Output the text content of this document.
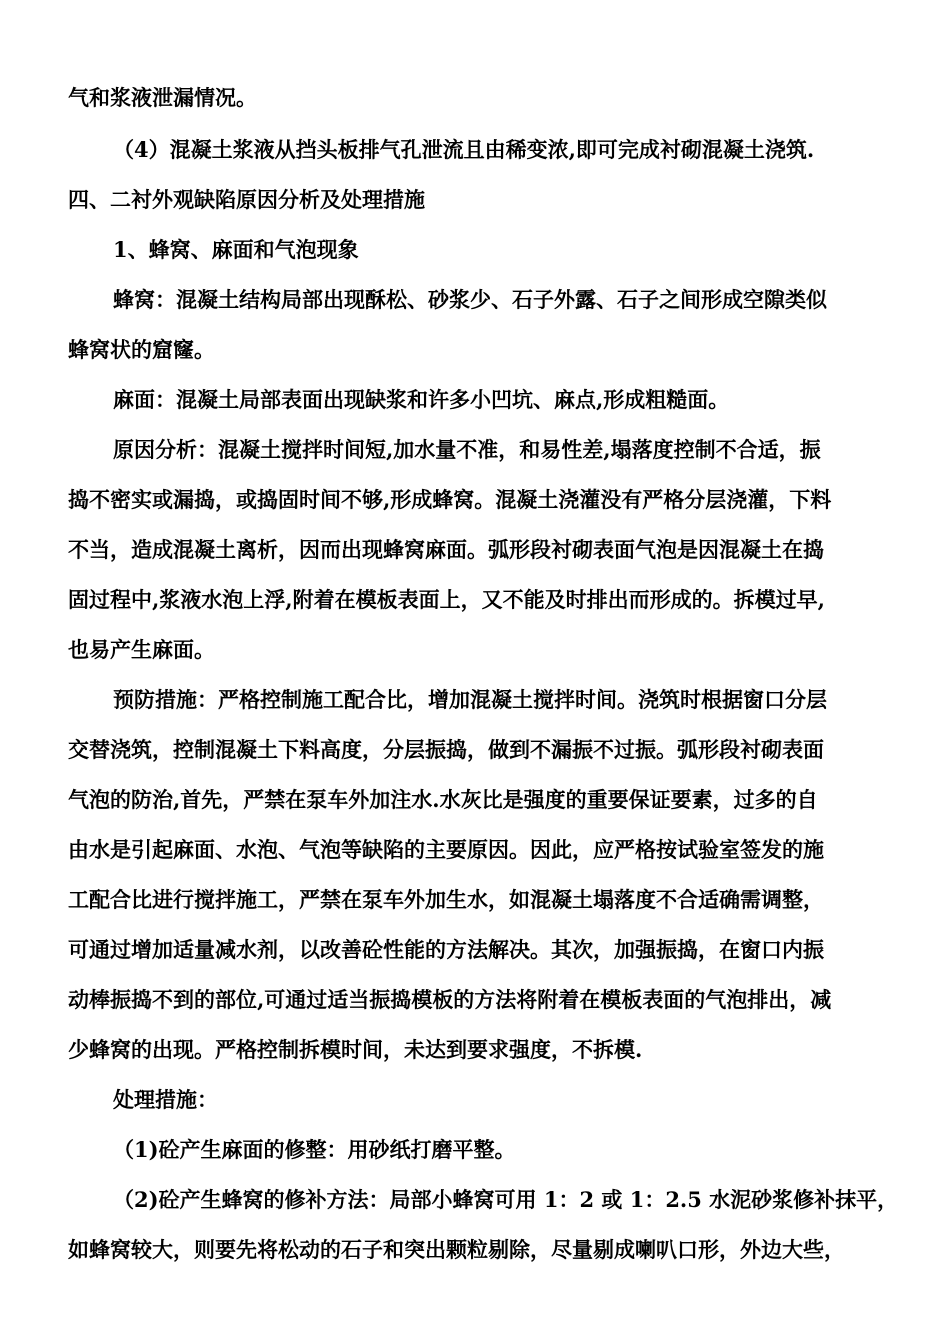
气和浆液泄漏情况。
（4）混凝土浆液从挡头板排气孔泄流且由稀变浓,即可完成衬砌混凝土浇筑.
四、二衬外观缺陷原因分析及处理措施
1、蜂窝、麻面和气泡现象
蜂窝：混凝土结构局部出现酥松、砂浆少、石子外露、石子之间形成空隙类似
蜂窝状的窟窿。
麻面：混凝土局部表面出现缺浆和许多小凹坑、麻点,形成粗糙面。
原因分析：混凝土搅拌时间短,加水量不准，和易性差,塌落度控制不合适，振
捣不密实或漏捣，或捣固时间不够,形成蜂窝。混凝土浇灌没有严格分层浇灌，下料
不当，造成混凝土离析，因而出现蜂窝麻面。弧形段衬砌表面气泡是因混凝土在捣
固过程中,浆液水泡上浮,附着在模板表面上，又不能及时排出而形成的。拆模过早,
也易产生麻面。
预防措施：严格控制施工配合比，增加混凝土搅拌时间。浇筑时根据窗口分层
交替浇筑，控制混凝土下料高度，分层振捣，做到不漏振不过振。弧形段衬砌表面
气泡的防治,首先，严禁在泵车外加注水.水灰比是强度的重要保证要素，过多的自
由水是引起麻面、水泡、气泡等缺陷的主要原因。因此，应严格按试验室签发的施
工配合比进行搅拌施工，严禁在泵车外加生水，如混凝土塌落度不合适确需调整，
可通过增加适量减水剂，以改善砼性能的方法解决。其次，加强振捣，在窗口内振
动棒振捣不到的部位,可通过适当振捣模板的方法将附着在模板表面的气泡排出，减
少蜂窝的出现。严格控制拆模时间，未达到要求强度，不拆模.
处理措施：
（1)砼产生麻面的修整：用砂纸打磨平整。
（2)砼产生蜂窝的修补方法：局部小蜂窝可用 1：2 或 1：2.5 水泥砂浆修补抹平，
如蜂窝较大，则要先将松动的石子和突出颗粒剔除，尽量剔成喇叭口形，外边大些，
